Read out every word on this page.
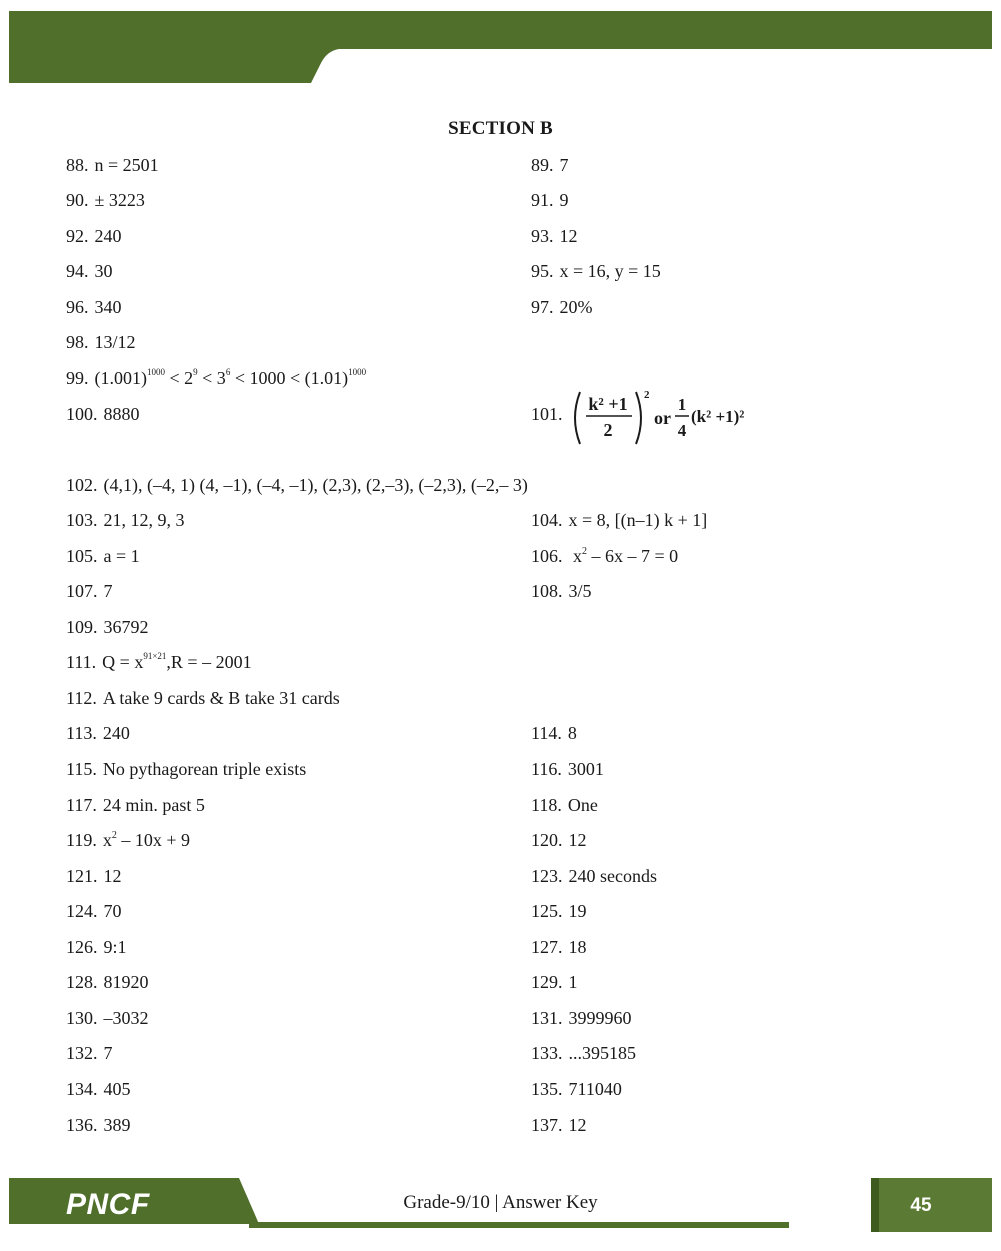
SECTION B
88. n = 2501	89. 7
90. ± 3223	91. 9
92. 240	93. 12
94. 30	95. x = 16, y = 15
96. 340	97. 20%
98. 13/12
99. $(1.001)^{1000} < 2^9 < 3^6 < 1000 < (1.01)^{1000}$
100. 8880	101.	k² +1
2
2
or
1
4
(k² +1)²
102. (4,1), (–4, 1) (4, –1), (–4, –1), (2,3), (2,–3), (–2,3), (–2,– 3)
103. 21, 12, 9, 3	104. x = 8, [(n–1) k + 1]
105. a = 1	106. $x^2 - 6x - 7 = 0$
107. 7	108. 3/5
109. 36792
111. $Q = x^{91\times 21},R$ = – 2001
112. A take 9 cards & B take 31 cards
113. 240	114. 8
115. No pythagorean triple exists	116. 3001
117. 24 min. past 5	118. One
119. $x^2 - 10x + 9$	120. 12
121. 12	123. 240 seconds
124. 70	125. 19
126. 9:1	127. 18
128. 81920	129. 1
130. –3032	131. 3999960
132. 7	133. ...395185
134. 405	135. 711040
136. 389	137. 12
PNCF	Grade-9/10 | Answer Key	45
